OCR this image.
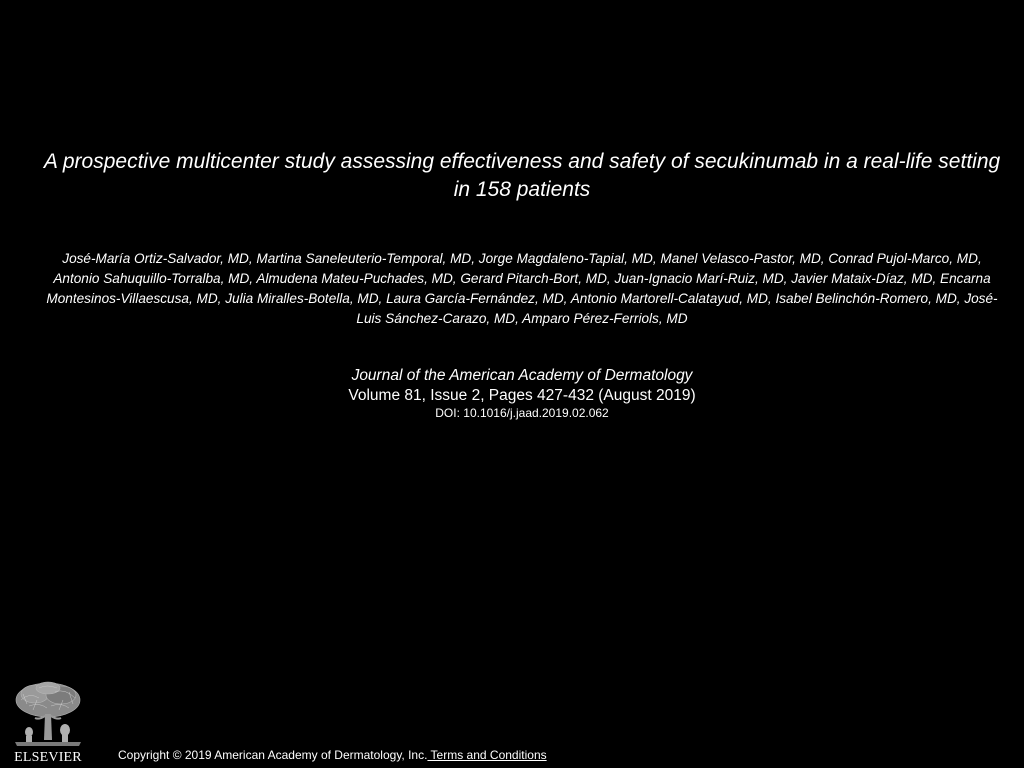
A prospective multicenter study assessing effectiveness and safety of secukinumab in a real-life setting in 158 patients

José-María Ortiz-Salvador, MD, Martina Saneleuterio-Temporal, MD, Jorge Magdaleno-Tapial, MD, Manel Velasco-Pastor, MD, Conrad Pujol-Marco, MD, Antonio Sahuquillo-Torralba, MD, Almudena Mateu-Puchades, MD, Gerard Pitarch-Bort, MD, Juan-Ignacio Marí-Ruiz, MD, Javier Mataix-Díaz, MD, Encarna Montesinos-Villaescusa, MD, Julia Miralles-Botella, MD, Laura García-Fernández, MD, Antonio Martorell-Calatayud, MD, Isabel Belinchón-Romero, MD, José-Luis Sánchez-Carazo, MD, Amparo Pérez-Ferriols, MD

Journal of the American Academy of Dermatology
Volume 81, Issue 2, Pages 427-432 (August 2019)
DOI: 10.1016/j.jaad.2019.02.062
ELSEVIER	Copyright © 2019 American Academy of Dermatology, Inc. Terms and Conditions
